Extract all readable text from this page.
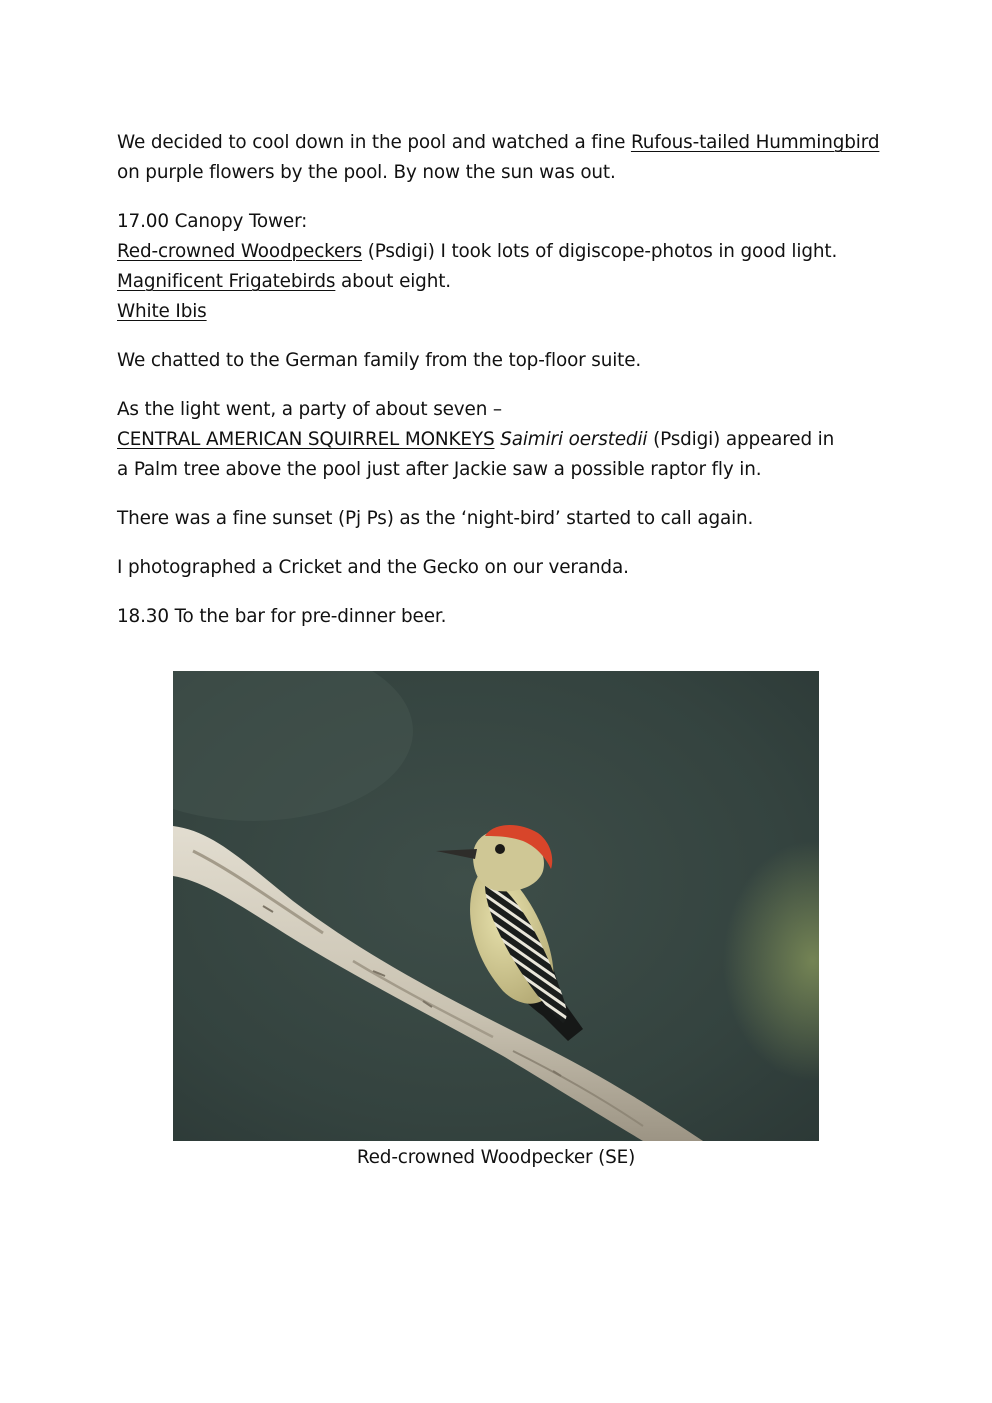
We decided to cool down in the pool and watched a fine Rufous-tailed Hummingbird
on purple flowers by the pool. By now the sun was out.

17.00 Canopy Tower:
Red-crowned Woodpeckers (Psdigi) I took lots of digiscope-photos in good light.
Magnificent Frigatebirds about eight.
White Ibis

We chatted to the German family from the top-floor suite.

As the light went, a party of about seven –
CENTRAL AMERICAN SQUIRREL MONKEYS Saimiri oerstedii (Psdigi) appeared in
a Palm tree above the pool just after Jackie saw a possible raptor fly in.

There was a fine sunset (Pj Ps) as the ‘night-bird’ started to call again.

I photographed a Cricket and the Gecko on our veranda.

18.30 To the bar for pre-dinner beer.

Red-crowned Woodpecker (SE)
